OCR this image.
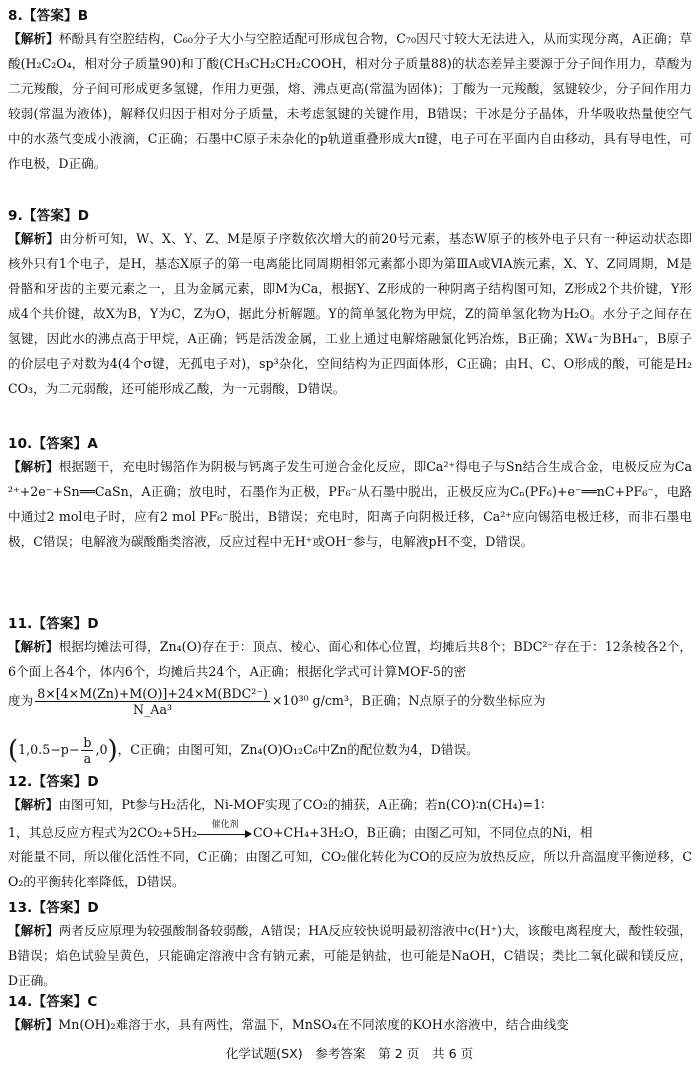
8.【答案】B
【解析】杯酚具有空腔结构，C₆₀分子大小与空腔适配可形成包合物，C₇₀因尺寸较大无法进入，从而实现分离，A正确；草酸(H₂C₂O₄，相对分子质量90)和丁酸(CH₃CH₂CH₂COOH，相对分子质量88)的状态差异主要源于分子间作用力，草酸为二元羧酸，分子间可形成更多氢键，作用力更强，熔、沸点更高(常温为固体)；丁酸为一元羧酸，氢键较少，分子间作用力较弱(常温为液体)，解释仅归因于相对分子质量，未考虑氢键的关键作用，B错误；干冰是分子晶体，升华吸收热量使空气中的水蒸气变成小液滴，C正确；石墨中C原子未杂化的p轨道重叠形成大π键，电子可在平面内自由移动，具有导电性，可作电极，D正确。
9.【答案】D
【解析】由分析可知，W、X、Y、Z、M是原子序数依次增大的前20号元素，基态W原子的核外电子只有一种运动状态即核外只有1个电子，是H，基态X原子的第一电离能比同周期相邻元素都小即为第ⅢA或ⅥA族元素，X、Y、Z同周期，M是骨骼和牙齿的主要元素之一，且为金属元素，即M为Ca，根据Y、Z形成的一种阴离子结构图可知，Z形成2个共价键，Y形成4个共价键，故X为B，Y为C，Z为O，据此分析解题。Y的简单氢化物为甲烷，Z的简单氢化物为H₂O。水分子之间存在氢键，因此水的沸点高于甲烷，A正确；钙是活泼金属，工业上通过电解熔融氯化钙冶炼，B正确；XW₄⁻为BH₄⁻，B原子的价层电子对数为4(4个σ键，无孤电子对)，sp³杂化，空间结构为正四面体形，C正确；由H、C、O形成的酸，可能是H₂CO₃，为二元弱酸，还可能形成乙酸，为一元弱酸，D错误。
10.【答案】A
【解析】根据题干，充电时锡箔作为阴极与钙离子发生可逆合金化反应，即Ca²⁺得电子与Sn结合生成合金，电极反应为Ca²⁺+2e⁻+Sn══CaSn，A正确；放电时，石墨作为正极，PF₆⁻从石墨中脱出，正极反应为Cₙ(PF₆)+e⁻══nC+PF₆⁻，电路中通过2 mol电子时，应有2 mol PF₆⁻脱出，B错误；充电时，阳离子向阴极迁移，Ca²⁺应向锡箔电极迁移，而非石墨电极，C错误；电解液为碳酸酯类溶液，反应过程中无H⁺或OH⁻参与，电解液pH不变，D错误。
11.【答案】D
【解析】根据均摊法可得，Zn₄(O)存在于：顶点、棱心、面心和体心位置，均摊后共8个；BDC²⁻存在于：12条棱各2个，6个面上各4个，体内6个，均摊后共24个，A正确；根据化学式可计算MOF-5的密
度为 $\frac{\text{8×[4×M(Zn)+M(O)]+24×M(BDC²⁻)}}{\text{N\_Aa³}} \times 10^{30}$ g/cm³，B正确；N点原子的分数坐标应为
$(1,0.5-p- \frac{b}{a} ,0)$，C正确；由图可知，Zn₄(O)O₁₂C₆中Zn的配位数为4，D错误。
12.【答案】D
【解析】由图可知，Pt参与H₂活化，Ni-MOF实现了CO₂的捕获，A正确；若n(CO)∶n(CH₄)=1∶
1，其总反应方程式为2CO₂+5H₂
催化剂
CO+CH₄+3H₂O，B正确；由图乙可知，不同位点的Ni，相
对能量不同，所以催化活性不同，C正确；由图乙可知，CO₂催化转化为CO的反应为放热反应，所以升高温度平衡逆移，CO₂的平衡转化率降低，D错误。
13.【答案】D
【解析】两者反应原理为较强酸制备较弱酸，A错误；HA反应较快说明最初溶液中c(H⁺)大，该酸电离程度大，酸性较强，B错误；焰色试验呈黄色，只能确定溶液中含有钠元素，可能是钠盐，也可能是NaOH，C错误；类比二氧化碳和镁反应，D正确。
14.【答案】C
【解析】Mn(OH)₂难溶于水，具有两性，常温下，MnSO₄在不同浓度的KOH水溶液中，结合曲线变
化学试题(SX)　参考答案　第 2 页　共 6 页
